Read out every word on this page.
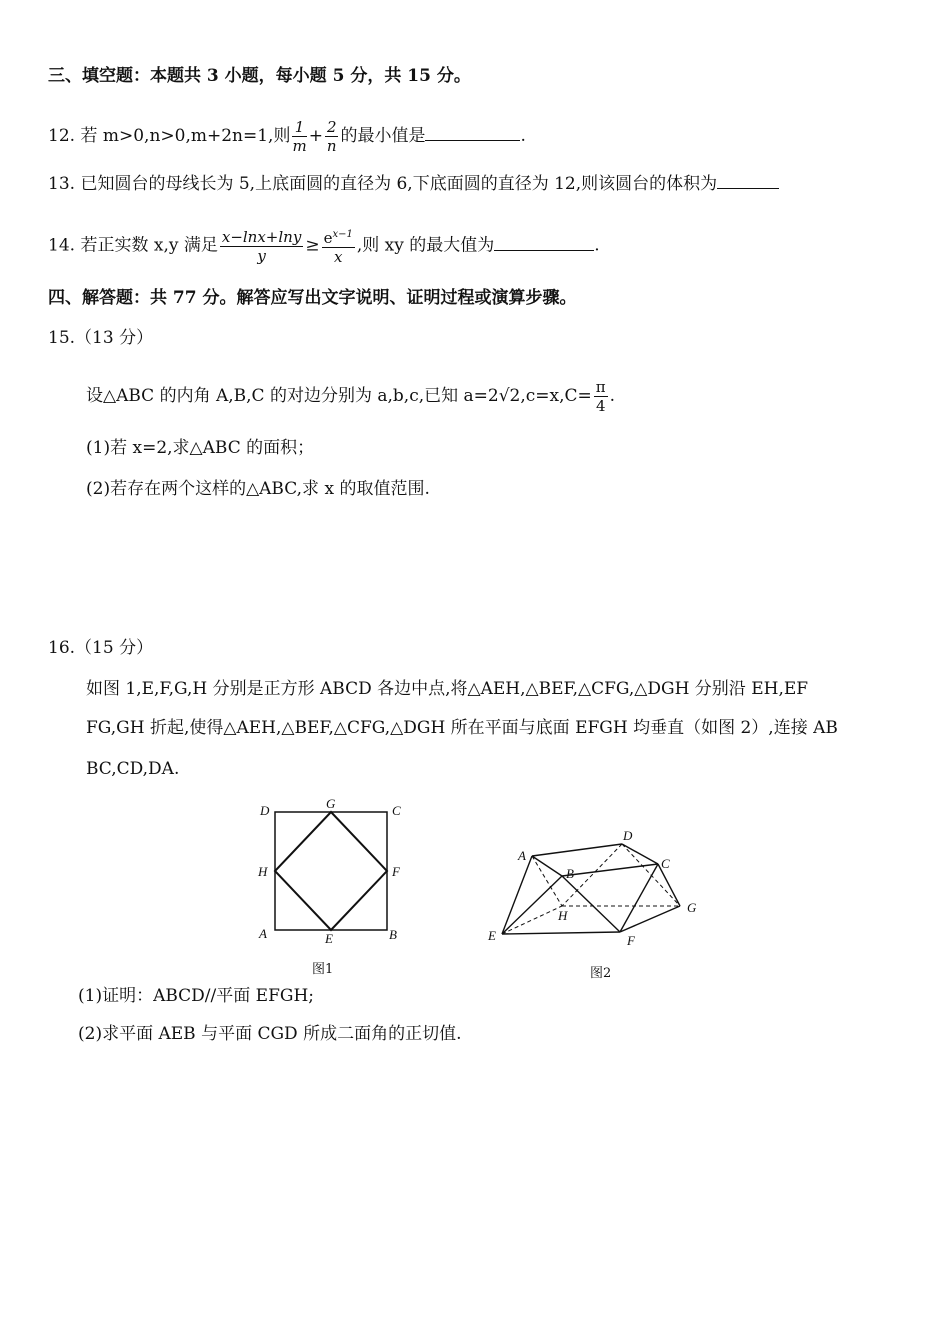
三、填空题：本题共 3 小题，每小题 5 分，共 15 分。
12. 若 m>0,n>0,m+2n=1,则 $\frac{1}{m} + \frac{2}{n}$ 的最小值是	.
13. 已知圆台的母线长为 5,上底面圆的直径为 6,下底面圆的直径为 12,则该圆台的体积为
14. 若正实数 x,y 满足 $\frac{x-\ln x+\ln y}{y} \ge \frac{e^{x-1}}{x}$ ,则 xy 的最大值为	.
四、解答题：共 77 分。解答应写出文字说明、证明过程或演算步骤。
15.（13 分）
设△ABC 的内角 A,B,C 的对边分别为 a,b,c,已知 $a=2√2,c=x,C= \frac{\pi}{4}$ .
(1)若 x=2,求△ABC 的面积；
(2)若存在两个这样的△ABC,求 x 的取值范围.
16.（15 分）
如图 1,E,F,G,H 分别是正方形 ABCD 各边中点,将△AEH,△BEF,△CFG,△DGH 分别沿 EH,EF
FG,GH 折起,使得△AEH,△BEF,△CFG,△DGH 所在平面与底面 EFGH 均垂直（如图 2）,连接 AB
BC,CD,DA.
D	G	C
H	F
A	E	B
图1
A
B
D
C
H
G
E	F
图2
(1)证明：ABCD//平面 EFGH;
(2)求平面 AEB 与平面 CGD 所成二面角的正切值.
